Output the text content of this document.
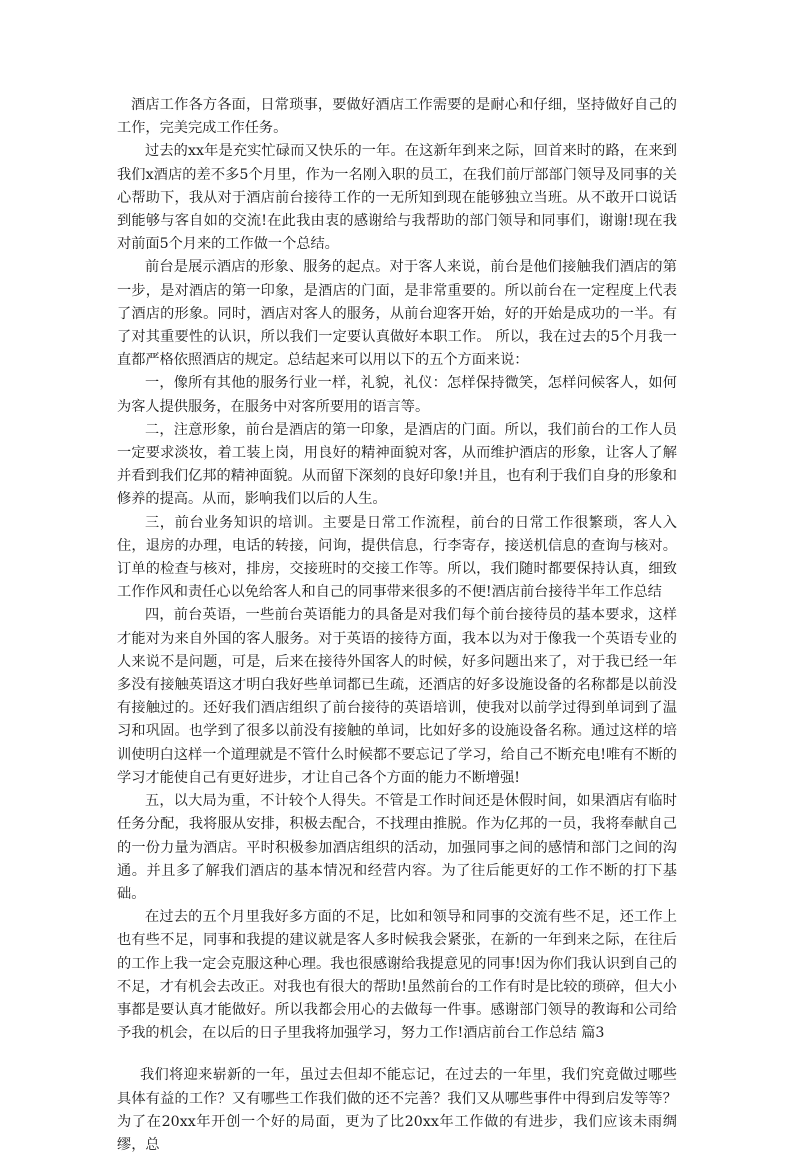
酒店工作各方各面，日常琐事，要做好酒店工作需要的是耐心和仔细，坚持做好自己的工作，完美完成工作任务。

过去的xx年是充实忙碌而又快乐的一年。在这新年到来之际，回首来时的路，在来到我们x酒店的差不多5个月里，作为一名刚入职的员工，在我们前厅部部门领导及同事的关心帮助下，我从对于酒店前台接待工作的一无所知到现在能够独立当班。从不敢开口说话到能够与客自如的交流!在此我由衷的感谢给与我帮助的部门领导和同事们，谢谢!现在我对前面5个月来的工作做一个总结。

前台是展示酒店的形象、服务的起点。对于客人来说，前台是他们接触我们酒店的第一步，是对酒店的第一印象，是酒店的门面，是非常重要的。所以前台在一定程度上代表了酒店的形象。同时，酒店对客人的服务，从前台迎客开始，好的开始是成功的一半。有了对其重要性的认识，所以我们一定要认真做好本职工作。 所以，我在过去的5个月我一直都严格依照酒店的规定。总结起来可以用以下的五个方面来说：

一，像所有其他的服务行业一样，礼貌，礼仪：怎样保持微笑，怎样问候客人，如何为客人提供服务，在服务中对客所要用的语言等。

二，注意形象，前台是酒店的第一印象，是酒店的门面。所以，我们前台的工作人员一定要求淡妆，着工装上岗，用良好的精神面貌对客，从而维护酒店的形象，让客人了解并看到我们亿邦的精神面貌。从而留下深刻的良好印象!并且，也有利于我们自身的形象和修养的提高。从而，影响我们以后的人生。

三，前台业务知识的培训。主要是日常工作流程，前台的日常工作很繁琐，客人入住，退房的办理，电话的转接，问询，提供信息，行李寄存，接送机信息的查询与核对。订单的检查与核对，排房，交接班时的交接工作等。所以，我们随时都要保持认真，细致工作作风和责任心以免给客人和自己的同事带来很多的不便!酒店前台接待半年工作总结

四，前台英语，一些前台英语能力的具备是对我们每个前台接待员的基本要求，这样才能对为来自外国的客人服务。对于英语的接待方面，我本以为对于像我一个英语专业的人来说不是问题，可是，后来在接待外国客人的时候，好多问题出来了，对于我已经一年多没有接触英语这才明白我好些单词都已生疏，还酒店的好多设施设备的名称都是以前没有接触过的。还好我们酒店组织了前台接待的英语培训，使我对以前学过得到单词到了温习和巩固。也学到了很多以前没有接触的单词，比如好多的设施设备名称。通过这样的培训使明白这样一个道理就是不管什么时候都不要忘记了学习，给自己不断充电!唯有不断的学习才能使自己有更好进步，才让自己各个方面的能力不断增强!

五，以大局为重，不计较个人得失。不管是工作时间还是休假时间，如果酒店有临时任务分配，我将服从安排，积极去配合，不找理由推脱。作为亿邦的一员，我将奉献自己的一份力量为酒店。平时积极参加酒店组织的活动，加强同事之间的感情和部门之间的沟通。并且多了解我们酒店的基本情况和经营内容。为了往后能更好的工作不断的打下基础。

在过去的五个月里我好多方面的不足，比如和领导和同事的交流有些不足，还工作上也有些不足，同事和我提的建议就是客人多时候我会紧张，在新的一年到来之际，在往后的工作上我一定会克服这种心理。我也很感谢给我提意见的同事!因为你们我认识到自己的不足，才有机会去改正。对我也有很大的帮助!虽然前台的工作有时是比较的琐碎，但大小事都是要认真才能做好。所以我都会用心的去做每一件事。感谢部门领导的教诲和公司给予我的机会，在以后的日子里我将加强学习，努力工作!酒店前台工作总结 篇3

我们将迎来崭新的一年，虽过去但却不能忘记，在过去的一年里，我们究竟做过哪些具体有益的工作？又有哪些工作我们做的还不完善？我们又从哪些事件中得到启发等等？为了在20xx年开创一个好的局面，更为了比20xx年工作做的有进步，我们应该未雨绸缪，总
